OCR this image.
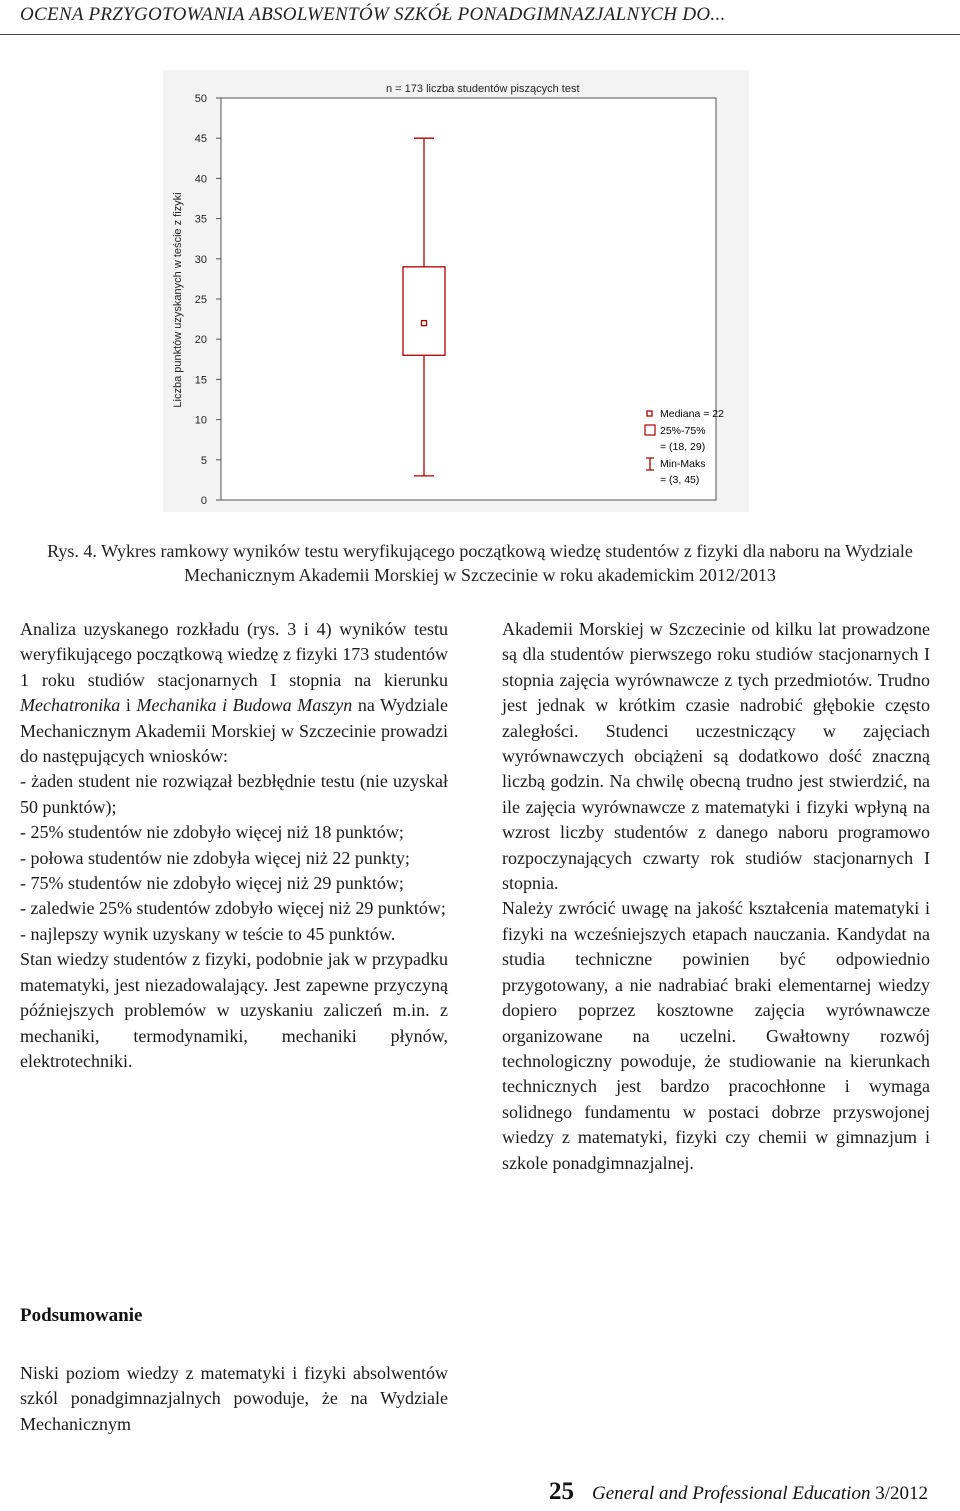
OCENA PRZYGOTOWANIA ABSOLWENTÓW SZKÓŁ PONADGIMNAZJALNYCH DO...
n = 173 liczba studentów piszących test
Liczba punktów uzyskanych w teście z fizyki
0
5
10
15
20
25
30
35
40
45
50
Mediana = 22
25%-75%
= (18, 29)
Min-Maks
= (3, 45)
Rys. 4. Wykres ramkowy wyników testu weryfikującego początkową wiedzę studentów z fizyki dla naboru na Wydziale Mechanicznym Akademii Morskiej w Szczecinie w roku akademickim 2012/2013

Analiza uzyskanego rozkładu (rys. 3 i 4) wyników testu weryfikującego początkową wiedzę z fizyki 173 studentów 1 roku studiów stacjonarnych I stopnia na kierunku Mechatronika i Mechanika i Budowa Maszyn na Wydziale Mechanicznym Akademii Morskiej w Szczecinie prowadzi do następujących wniosków:

- żaden student nie rozwiązał bezbłędnie testu (nie uzyskał 50 punktów);

- 25% studentów nie zdobyło więcej niż 18 punktów;

- połowa studentów nie zdobyła więcej niż 22 punkty;

- 75% studentów nie zdobyło więcej niż 29 punktów;

- zaledwie 25% studentów zdobyło więcej niż 29 punktów;

- najlepszy wynik uzyskany w teście to 45 punktów.

Stan wiedzy studentów z fizyki, podobnie jak w przypadku matematyki, jest niezadowalający. Jest zapewne przyczyną późniejszych problemów w uzyskaniu zaliczeń m.in. z mechaniki, termodynamiki, mechaniki płynów, elektrotechniki.

Akademii Morskiej w Szczecinie od kilku lat prowadzone są dla studentów pierwszego roku studiów stacjonarnych I stopnia zajęcia wyrównawcze z tych przedmiotów. Trudno jest jednak w krótkim czasie nadrobić głębokie często zaległości. Studenci uczestniczący w zajęciach wyrównawczych obciążeni są dodatkowo dość znaczną liczbą godzin. Na chwilę obecną trudno jest stwierdzić, na ile zajęcia wyrównawcze z matematyki i fizyki wpłyną na wzrost liczby studentów z danego naboru programowo rozpoczynających czwarty rok studiów stacjonarnych I stopnia.

Należy zwrócić uwagę na jakość kształcenia matematyki i fizyki na wcześniejszych etapach nauczania. Kandydat na studia techniczne powinien być odpowiednio przygotowany, a nie nadrabiać braki elementarnej wiedzy dopiero poprzez kosztowne zajęcia wyrównawcze organizowane na uczelni. Gwałtowny rozwój technologiczny powoduje, że studiowanie na kierunkach technicznych jest bardzo pracochłonne i wymaga solidnego fundamentu w postaci dobrze przyswojonej wiedzy z matematyki, fizyki czy chemii w gimnazjum i szkole ponadgimnazjalnej.

Podsumowanie

Niski poziom wiedzy z matematyki i fizyki absolwentów szkól ponadgimnazjalnych powoduje, że na Wydziale Mechanicznym

25 General and Professional Education 3/2012
